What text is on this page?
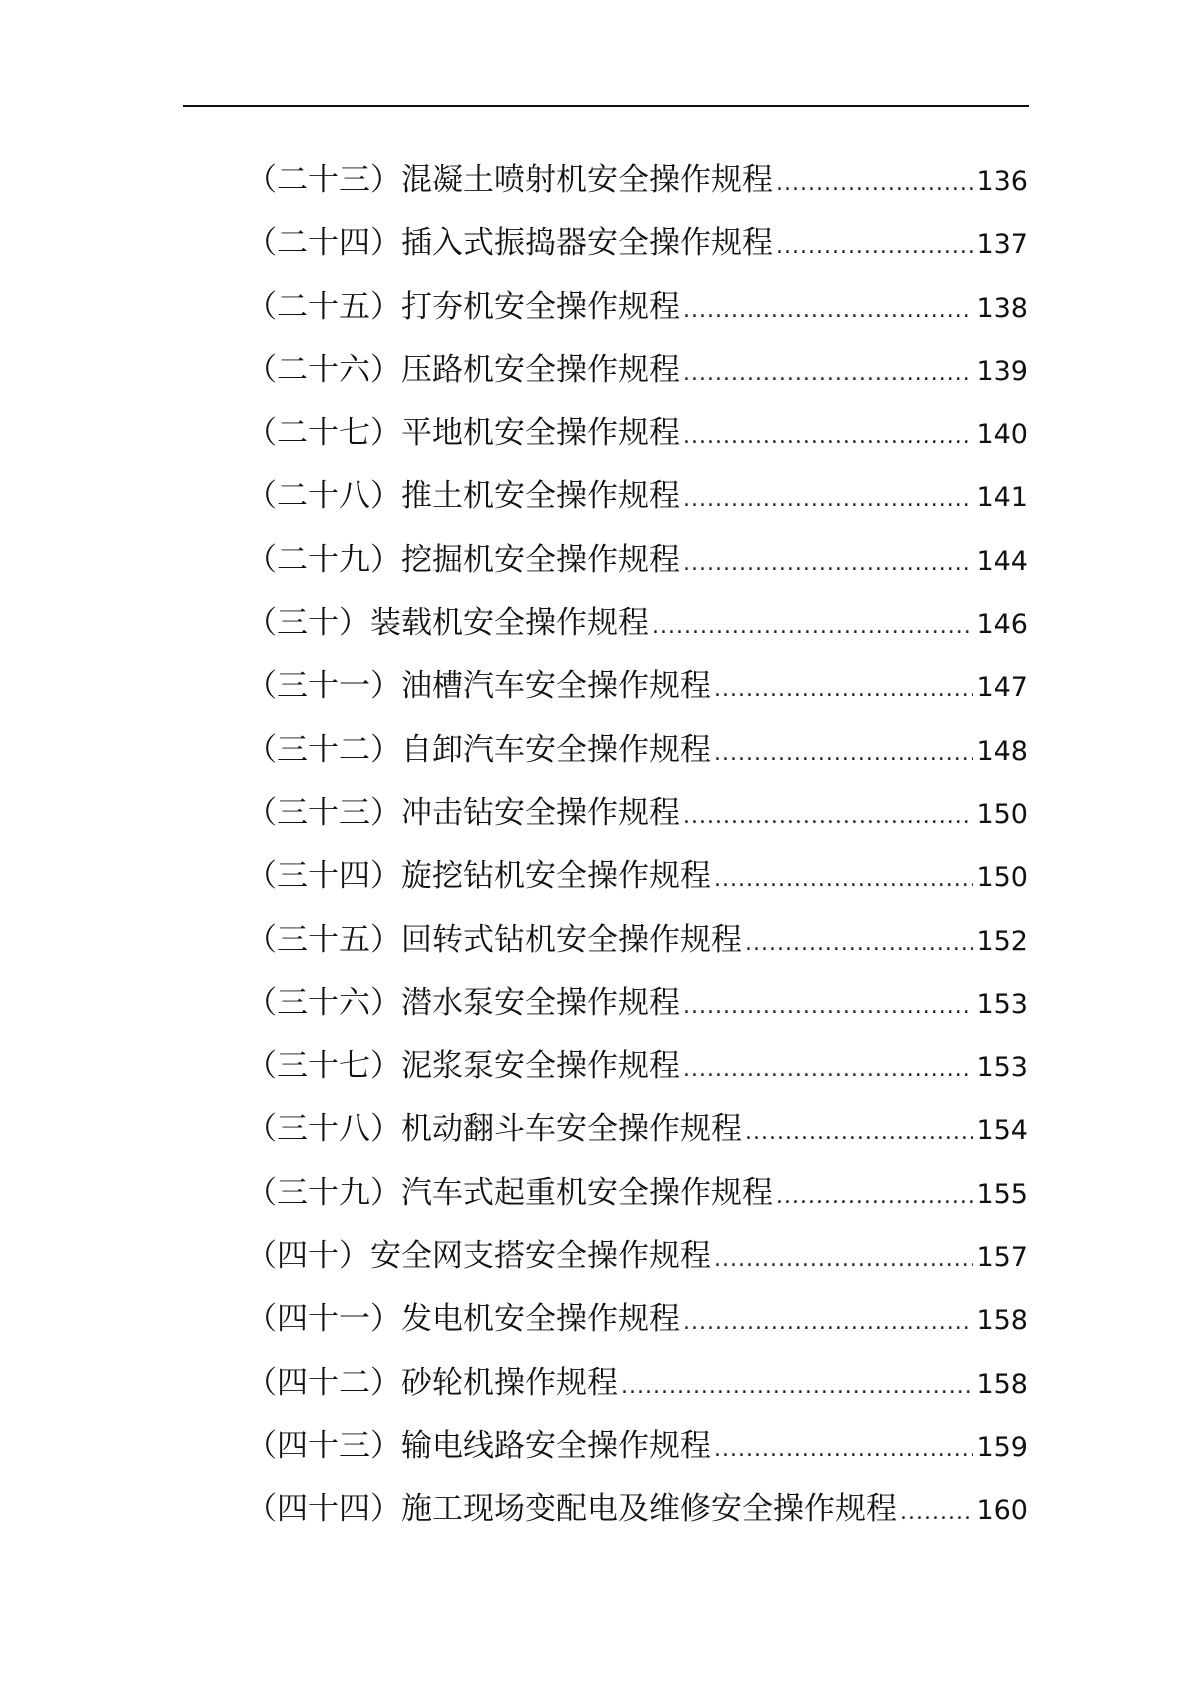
（二十三）混凝土喷射机安全操作规程 .....	136
（二十四）插入式振捣器安全操作规程 .....	137
（二十五）打夯机安全操作规程 .....	138
（二十六）压路机安全操作规程 .....	139
（二十七）平地机安全操作规程 .....	140
（二十八）推土机安全操作规程 .....	141
（二十九）挖掘机安全操作规程 .....	144
（三十）装载机安全操作规程 .....	146
（三十一）油槽汽车安全操作规程 .....	147
（三十二）自卸汽车安全操作规程 .....	148
（三十三）冲击钻安全操作规程 .....	150
（三十四）旋挖钻机安全操作规程 .....	150
（三十五）回转式钻机安全操作规程 .....	152
（三十六）潜水泵安全操作规程 .....	153
（三十七）泥浆泵安全操作规程 .....	153
（三十八）机动翻斗车安全操作规程 .....	154
（三十九）汽车式起重机安全操作规程 .....	155
（四十）安全网支搭安全操作规程 .....	157
（四十一）发电机安全操作规程 .....	158
（四十二）砂轮机操作规程 .....	158
（四十三）输电线路安全操作规程 .....	159
（四十四）施工现场变配电及维修安全操作规程 .....	160
